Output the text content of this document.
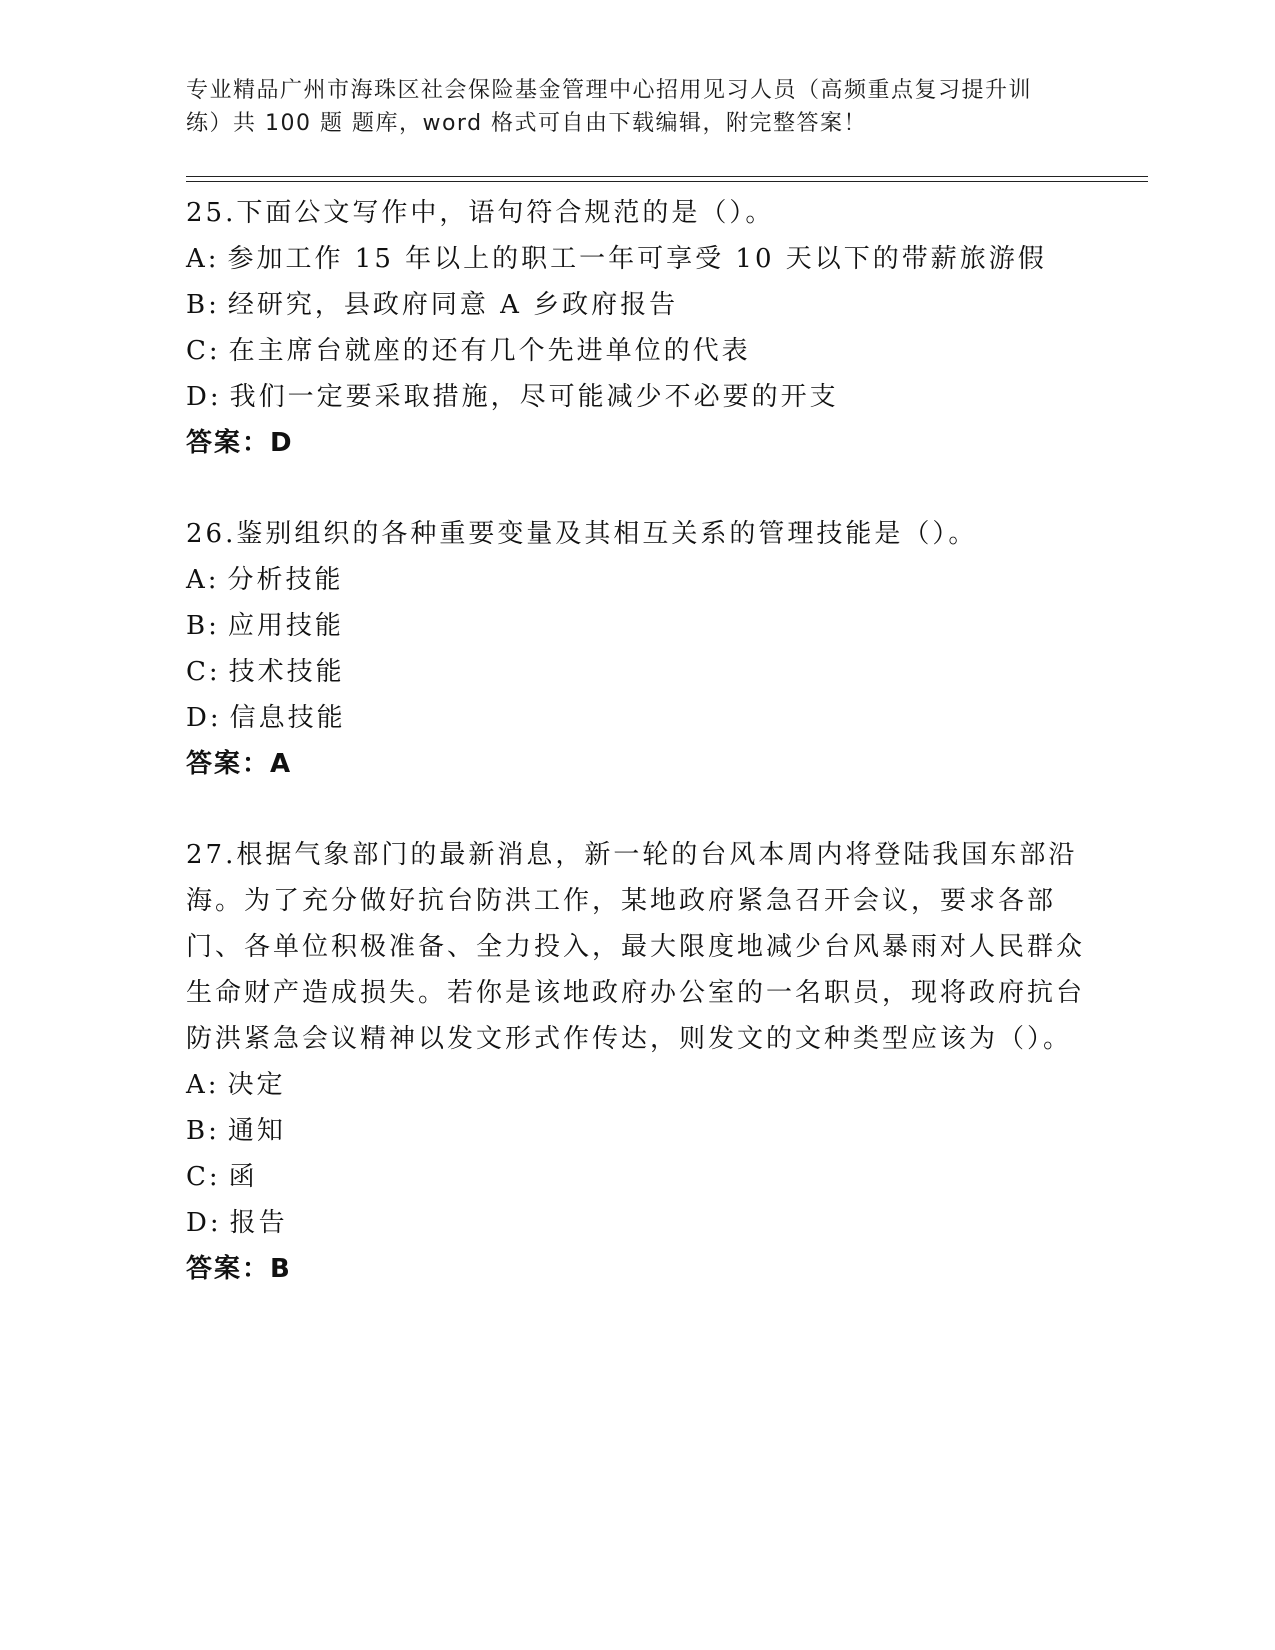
专业精品广州市海珠区社会保险基金管理中心招用见习人员（高频重点复习提升训
练）共 100 题 题库，word 格式可自由下载编辑，附完整答案！
25.下面公文写作中，语句符合规范的是（）。
A: 参加工作 15 年以上的职工一年可享受 10 天以下的带薪旅游假
B: 经研究，县政府同意 A 乡政府报告
C: 在主席台就座的还有几个先进单位的代表
D: 我们一定要采取措施，尽可能减少不必要的开支
答案：D
26.鉴别组织的各种重要变量及其相互关系的管理技能是（）。
A: 分析技能
B: 应用技能
C: 技术技能
D: 信息技能
答案：A
27.根据气象部门的最新消息，新一轮的台风本周内将登陆我国东部沿海。为了充分做好抗台防洪工作，某地政府紧急召开会议，要求各部门、各单位积极准备、全力投入，最大限度地减少台风暴雨对人民群众生命财产造成损失。若你是该地政府办公室的一名职员，现将政府抗台防洪紧急会议精神以发文形式作传达，则发文的文种类型应该为（）。
A: 决定
B: 通知
C: 函
D: 报告
答案：B
